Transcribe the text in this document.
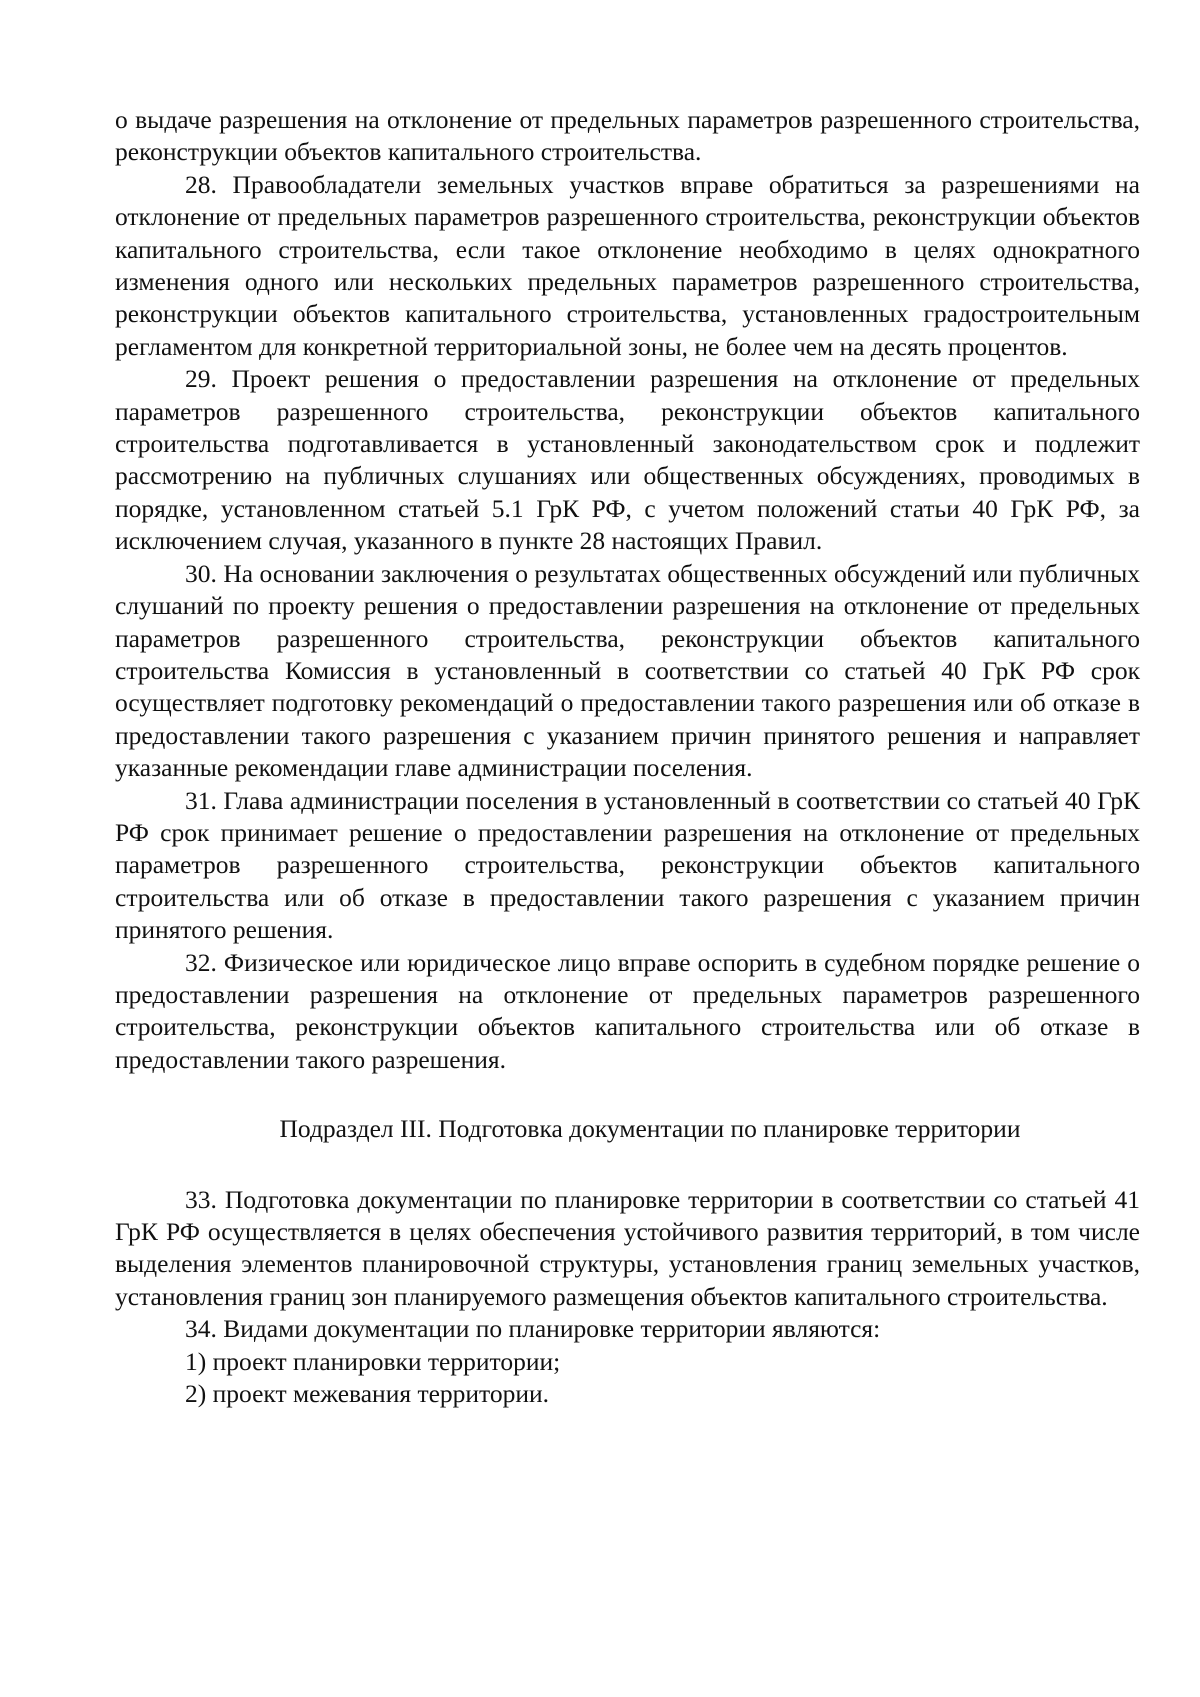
о выдаче разрешения на отклонение от предельных параметров разрешенного строительства, реконструкции объектов капитального строительства.

28. Правообладатели земельных участков вправе обратиться за разрешениями на отклонение от предельных параметров разрешенного строительства, реконструкции объектов капитального строительства, если такое отклонение необходимо в целях однократного изменения одного или нескольких предельных параметров разрешенного строительства, реконструкции объектов капитального строительства, установленных градостроительным регламентом для конкретной территориальной зоны, не более чем на десять процентов.

29. Проект решения о предоставлении разрешения на отклонение от предельных параметров разрешенного строительства, реконструкции объектов капитального строительства подготавливается в установленный законодательством срок и подлежит рассмотрению на публичных слушаниях или общественных обсуждениях, проводимых в порядке, установленном статьей 5.1 ГрК РФ, с учетом положений статьи 40 ГрК РФ, за исключением случая, указанного в пункте 28 настоящих Правил.

30. На основании заключения о результатах общественных обсуждений или публичных слушаний по проекту решения о предоставлении разрешения на отклонение от предельных параметров разрешенного строительства, реконструкции объектов капитального строительства Комиссия в установленный в соответствии со статьей 40 ГрК РФ срок осуществляет подготовку рекомендаций о предоставлении такого разрешения или об отказе в предоставлении такого разрешения с указанием причин принятого решения и направляет указанные рекомендации главе администрации поселения.

31. Глава администрации поселения в установленный в соответствии со статьей 40 ГрК РФ срок принимает решение о предоставлении разрешения на отклонение от предельных параметров разрешенного строительства, реконструкции объектов капитального строительства или об отказе в предоставлении такого разрешения с указанием причин принятого решения.

32. Физическое или юридическое лицо вправе оспорить в судебном порядке решение о предоставлении разрешения на отклонение от предельных параметров разрешенного строительства, реконструкции объектов капитального строительства или об отказе в предоставлении такого разрешения.

Подраздел III. Подготовка документации по планировке территории

33. Подготовка документации по планировке территории в соответствии со статьей 41 ГрК РФ осуществляется в целях обеспечения устойчивого развития территорий, в том числе выделения элементов планировочной структуры, установления границ земельных участков, установления границ зон планируемого размещения объектов капитального строительства.

34. Видами документации по планировке территории являются:

1) проект планировки территории;

2) проект межевания территории.
